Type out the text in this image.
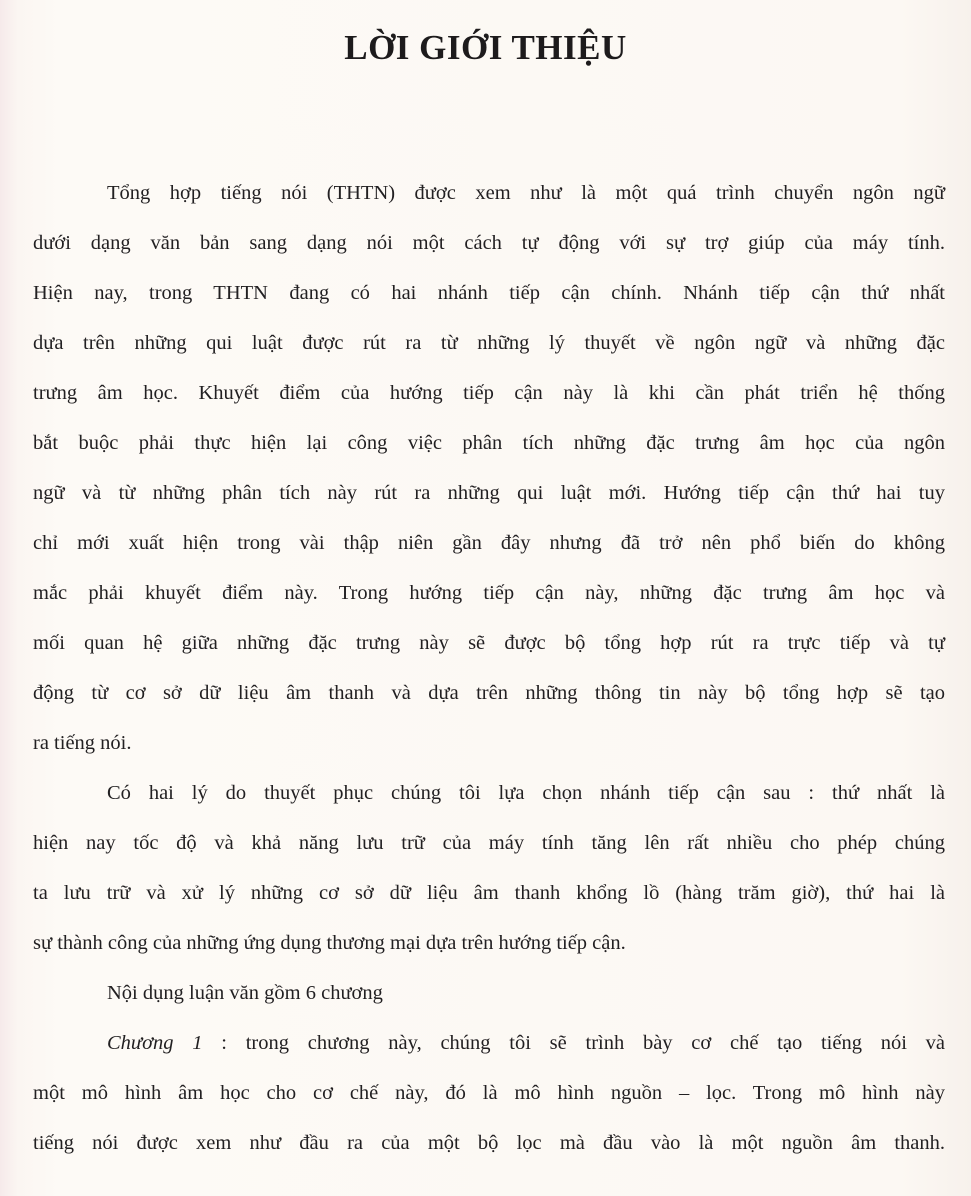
LỜI GIỚI THIỆU
Tổng hợp tiếng nói (THTN) được xem như là một quá trình chuyển ngôn ngữ
dưới dạng văn bản sang dạng nói một cách tự động với sự trợ giúp của máy tính.
Hiện nay, trong THTN đang có hai nhánh tiếp cận chính. Nhánh tiếp cận thứ nhất
dựa trên những qui luật được rút ra từ những lý thuyết về ngôn ngữ và những đặc
trưng âm học. Khuyết điểm của hướng tiếp cận này là khi cần phát triển hệ thống
bắt buộc phải thực hiện lại công việc phân tích những đặc trưng âm học của ngôn
ngữ và từ những phân tích này rút ra những qui luật mới. Hướng tiếp cận thứ hai tuy
chỉ mới xuất hiện trong vài thập niên gần đây nhưng đã trở nên phổ biến do không
mắc phải khuyết điểm này. Trong hướng tiếp cận này, những đặc trưng âm học và
mối quan hệ giữa những đặc trưng này sẽ được bộ tổng hợp rút ra trực tiếp và tự
động từ cơ sở dữ liệu âm thanh và dựa trên những thông tin này bộ tổng hợp sẽ tạo
ra tiếng nói.
Có hai lý do thuyết phục chúng tôi lựa chọn nhánh tiếp cận sau : thứ nhất là
hiện nay tốc độ và khả năng lưu trữ của máy tính tăng lên rất nhiều cho phép chúng
ta lưu trữ và xử lý những cơ sở dữ liệu âm thanh khổng lồ (hàng trăm giờ), thứ hai là
sự thành công của những ứng dụng thương mại dựa trên hướng tiếp cận.
Nội dụng luận văn gồm 6 chương
Chương 1 : trong chương này, chúng tôi sẽ trình bày cơ chế tạo tiếng nói và
một mô hình âm học cho cơ chế này, đó là mô hình nguồn – lọc. Trong mô hình này
tiếng nói được xem như đầu ra của một bộ lọc mà đầu vào là một nguồn âm thanh.
